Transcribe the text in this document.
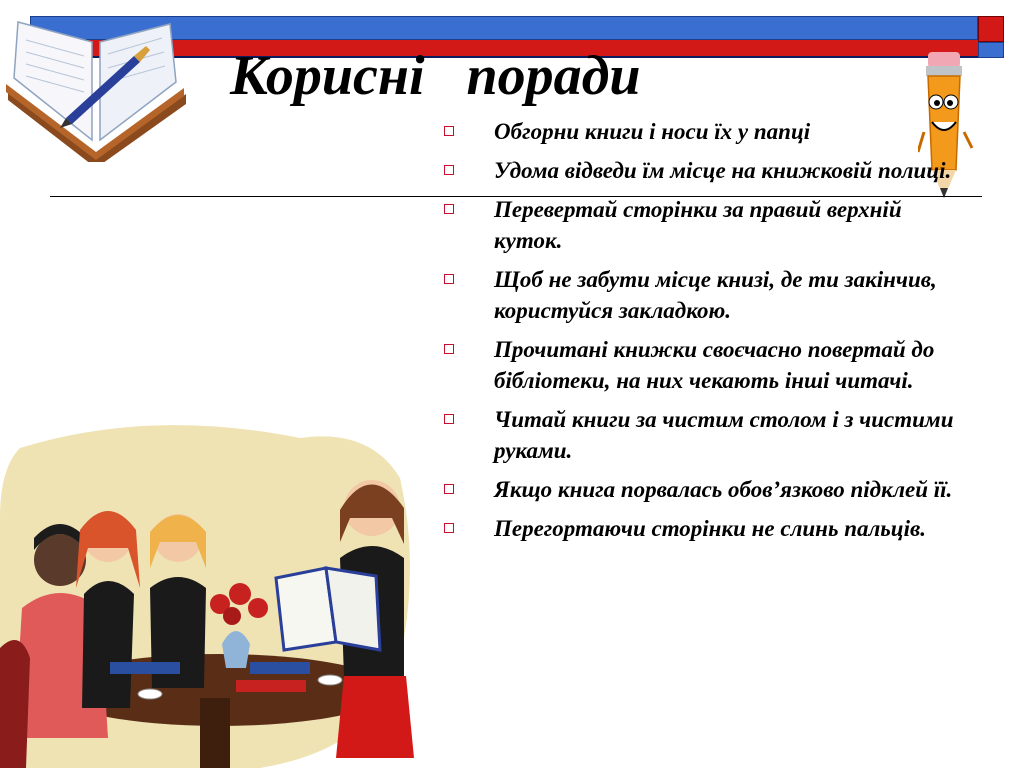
Корисні   поради
Обгорни книги і носи їх у папці
Удома відведи їм місце на книжковій полиці.
Перевертай сторінки за правий верхній куток.
Щоб не забути місце книзі, де ти закінчив, користуйся закладкою.
Прочитані книжки своєчасно повертай до бібліотеки, на них чекають інші читачі.
Читай книги за чистим столом і з чистими руками.
Якщо книга порвалась обов’язково підклей її.
Перегортаючи сторінки не слинь пальців.
